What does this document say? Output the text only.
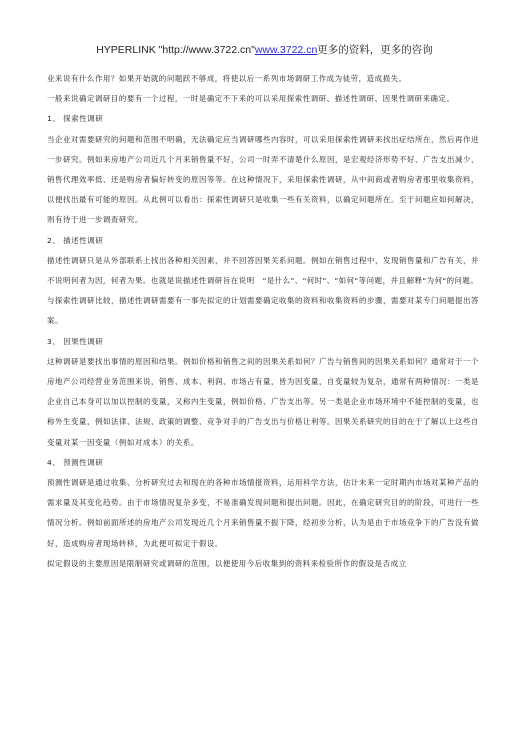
HYPERLINK "http://www.3722.cn"www.3722.cn更多的资料，更多的咨询

业来说有什么作用？如果开始就的问题跃不够成，将使以后一系列市场调研工作成为徒劳，造成损失。

一般来说确定调研目的要有一个过程，一时是确定不下来的可以采用探索性调研、描述性调研、因果性调研来确定。

1、 探索性调研

当企业对需要研究的问题和范围不明确，无法确定应当调研哪些内容时，可以采用探索性调研来找出症结所在，然后再作进一步研究。例如来房地产公司近几个月来销售量不好，公司一时弄不清楚什么原因，是宏观经济形势不好、广告支出减少、销售代理效率低、还是购房者偏好转变的原因等等。在这种情况下，采用探索性调研，从中间商或者购房者那里收集资料，以便找出最有可能的原因。从此例可以看出：探索性调研只是收集一些有关资料，以确定问题所在。至于问题应如何解决，则有待于进一步调查研究。

2、 描述性调研

描述性调研只是从外部联系上找出各种相关因素，并不回答因果关系问题。例如在销售过程中，发现销售量和广告有关，并不说明何者为因，何者为果。也就是说描述性调研旨在说明　"是什么"、"何时"、"如何"等问题，并且解释"为何"的问题。

与探索性调研比较，描述性调研需要有一事先拟定的计划需要确定收集的资料和收集资料的步骤，需要对某专门问题提出答案。

3、 因果性调研

这种调研是要找出事情的原因和结果。例如价格和销售之间的因果关系如何？广告与销售间的因果关系如何？通常对于一个房地产公司经营业务范围来说，销售、成本、利润、市场占有量，皆为因变量，自变量较为复杂，通常有两种情况：一类是企业自己本身可以加以控制的变量，又称内生变量，例如价格、广告支出等。另一类是企业市场环境中不能控制的变量，也称外生变量，例如法律、法规、政策的调整、竞争对手的广告支出与价格让利等。因果关系研究的目的在于了解以上这些自变量对某一因变量（例如对成本）的关系。

4、 预测性调研

预测性调研是通过收集、分析研究过去和现在的各种市场情报资料，运用科学方法，估计未来一定时期内市场对某种产品的需求量及其变化趋势。由于市场情况复杂多变，不易准确发现问题和提出问题。因此，在确定研究目的的阶段，可进行一些情况分析。例如前面所述的房地产公司发现近几个月来销售量不振下降，经初步分析，认为是由于市场竞争下的广告没有做好，造成购房者现场转移，为此便可拟定于假设。

拟定假设的主要原因是限制研究或调研的范围，以便使用今后收集到的资料来检验所作的假设是否成立
